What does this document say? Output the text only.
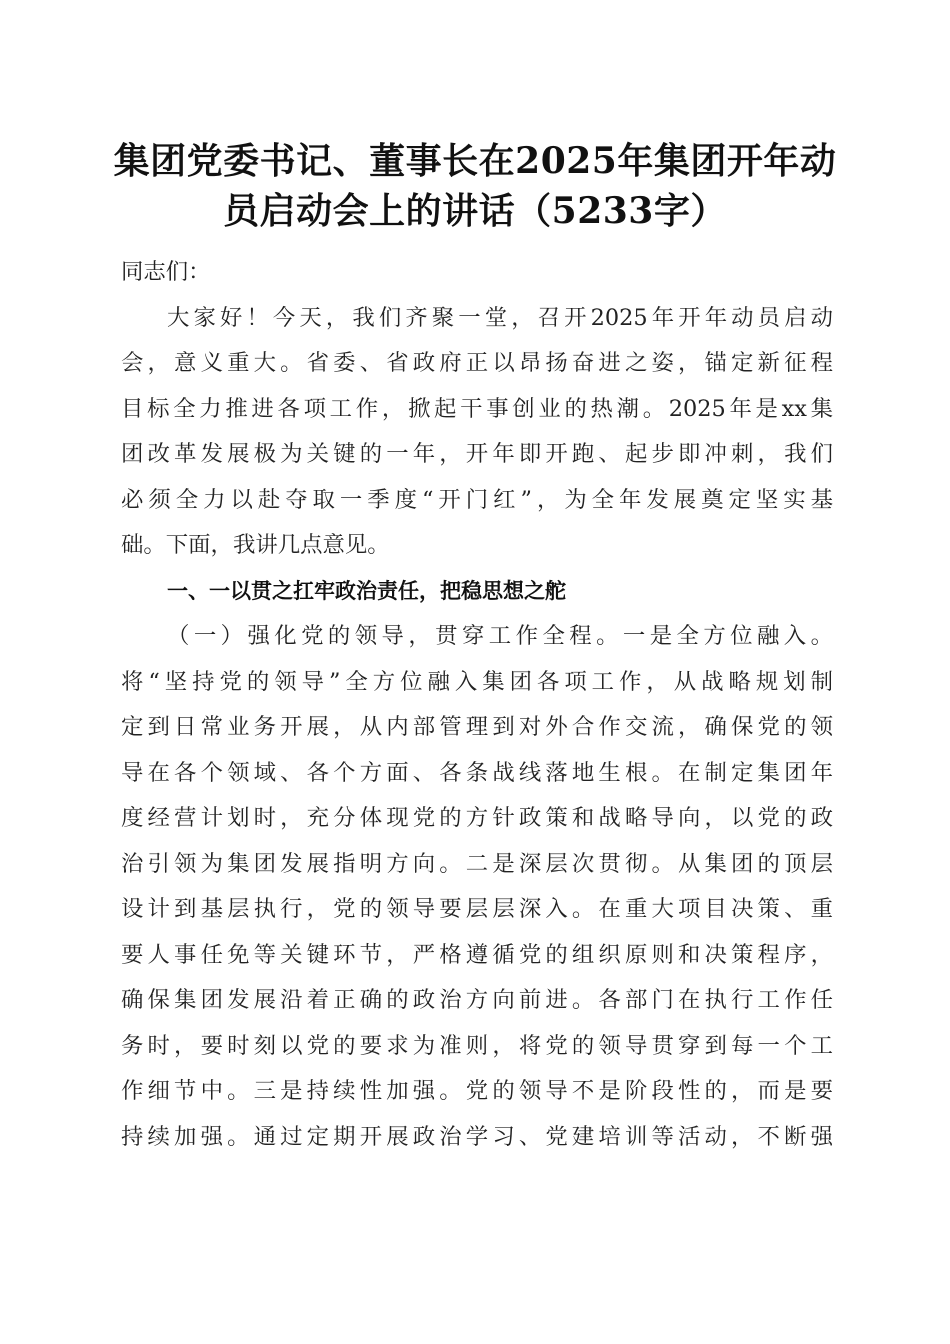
集团党委书记、董事长在2025年集团开年动
员启动会上的讲话（5233字）
同志们：
大家好！今天，我们齐聚一堂，召开2025年开年动员启动
会，意义重大。省委、省政府正以昂扬奋进之姿，锚定新征程
目标全力推进各项工作，掀起干事创业的热潮。2025年是xx集
团改革发展极为关键的一年，开年即开跑、起步即冲刺，我们
必须全力以赴夺取一季度“开门红”，为全年发展奠定坚实基
础。下面，我讲几点意见。
一、一以贯之扛牢政治责任，把稳思想之舵
（一）强化党的领导，贯穿工作全程。一是全方位融入。
将“坚持党的领导”全方位融入集团各项工作，从战略规划制
定到日常业务开展，从内部管理到对外合作交流，确保党的领
导在各个领域、各个方面、各条战线落地生根。在制定集团年
度经营计划时，充分体现党的方针政策和战略导向，以党的政
治引领为集团发展指明方向。二是深层次贯彻。从集团的顶层
设计到基层执行，党的领导要层层深入。在重大项目决策、重
要人事任免等关键环节，严格遵循党的组织原则和决策程序，
确保集团发展沿着正确的政治方向前进。各部门在执行工作任
务时，要时刻以党的要求为准则，将党的领导贯穿到每一个工
作细节中。三是持续性加强。党的领导不是阶段性的，而是要
持续加强。通过定期开展政治学习、党建培训等活动，不断强
